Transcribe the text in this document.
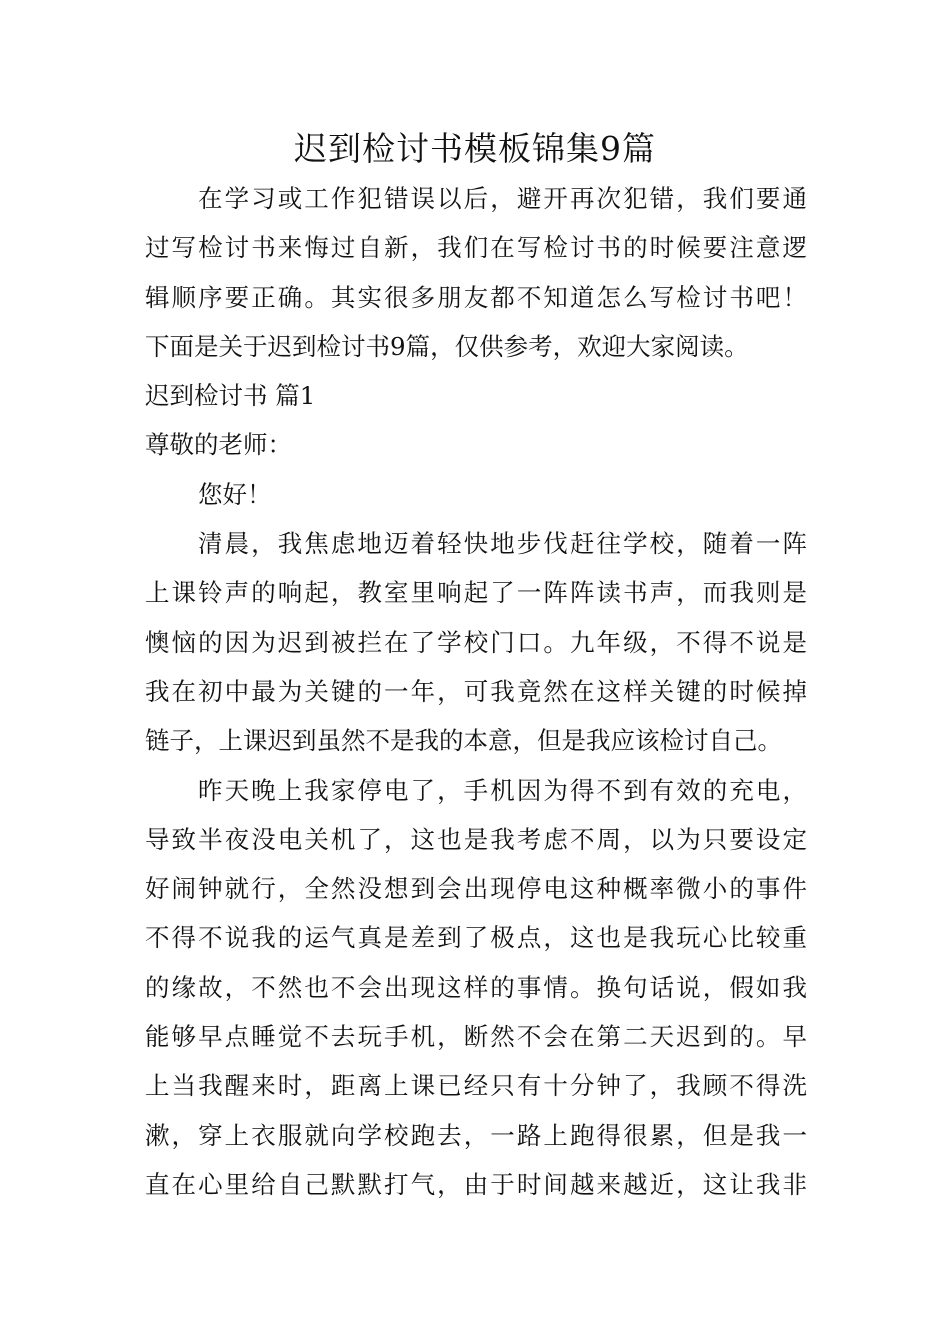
迟到检讨书模板锦集9篇
在学习或工作犯错误以后，避开再次犯错，我们要通
过写检讨书来悔过自新，我们在写检讨书的时候要注意逻
辑顺序要正确。其实很多朋友都不知道怎么写检讨书吧！
下面是关于迟到检讨书9篇，仅供参考，欢迎大家阅读。
迟到检讨书 篇1
尊敬的老师：
您好！
清晨，我焦虑地迈着轻快地步伐赶往学校，随着一阵
上课铃声的响起，教室里响起了一阵阵读书声，而我则是
懊恼的因为迟到被拦在了学校门口。九年级，不得不说是
我在初中最为关键的一年，可我竟然在这样关键的时候掉
链子，上课迟到虽然不是我的本意，但是我应该检讨自己。
昨天晚上我家停电了，手机因为得不到有效的充电，
导致半夜没电关机了，这也是我考虑不周，以为只要设定
好闹钟就行，全然没想到会出现停电这种概率微小的事件
不得不说我的运气真是差到了极点，这也是我玩心比较重
的缘故，不然也不会出现这样的事情。换句话说，假如我
能够早点睡觉不去玩手机，断然不会在第二天迟到的。早
上当我醒来时，距离上课已经只有十分钟了，我顾不得洗
漱，穿上衣服就向学校跑去，一路上跑得很累，但是我一
直在心里给自己默默打气，由于时间越来越近，这让我非
